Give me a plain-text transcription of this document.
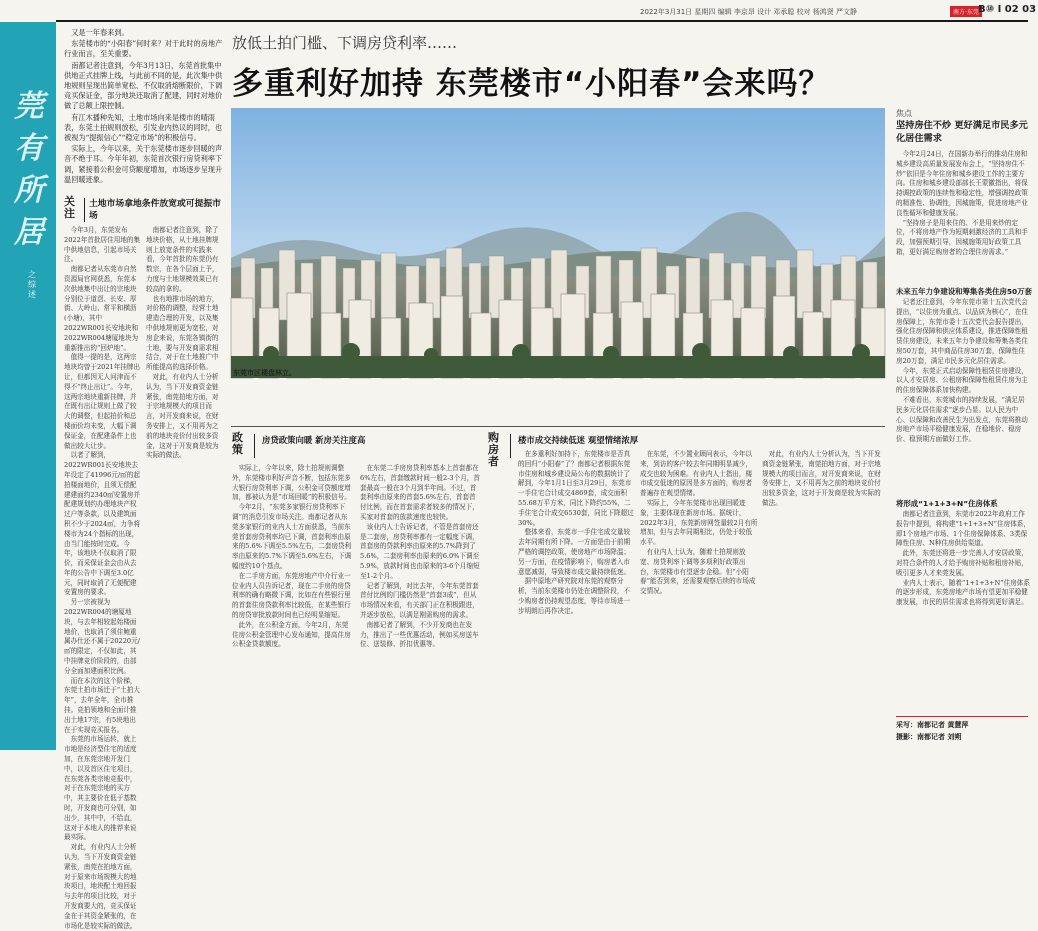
2022年3月31日 星期四 编辑 李京昂 设计 邓承聪 校对 杨鸿贤 严文静	南方·东莞 B⑩ I 02 03
莞有所居
之综述

又是一年春来到。

东莞楼市的“小阳春”何时来？对于此时的房地产行业而言，至关重要。

南都记者注意到，今年3月13日，东莞首批集中供地正式挂牌上线，与此前不同的是，此次集中供地规则呈现出简单宽松、不仅取消熔断限价，下调竞买保证金，部分地块还取消了配建，同时对地价做了总额上限控制。

有江木播种先知，土地市场向来是楼市的晴雨表，东莞土拍规则放松，引发业内热议的同时，也被视为“提振信心”“稳定市场”的积极信号。

实际上，今年以来，关于东莞楼市逐步回暖的声音不绝于耳。今年年初，东莞首次银行房贷利率下调，紧接着公积金可贷额度增加，市场逐步呈现升温回暖迹象。

关注
土地市场拿地条件放宽或可提振市场

今年3月，东莞发布2022年首批居住用地的集中供地信息，引起市场关注。

南都记者从东莞市自然资源局官网获悉，东莞本次供地集中出让的宗地块分别位于道滘、长安、厚街、大岭山、常平和横沥(小塘)，其中2022WR001长安地块和2022WR004塘厦地块为重新推出的“回炉地”。

值得一提的是，这两宗地块均曾于2021年挂牌出让，但都因无人问津而不得不“终止出让”。今年，这两宗地块重新挂牌，并在既有出让规则上做了较大的调整，但起拍价和总楼面价均未变，大幅下调保证金，在配建条件上也做出较大让步。

以者了解到，2022WR001长安地块去年设定了41996元/㎡的起拍楼面地价，且须无偿配建建面约2340㎡安置房并配建规划约办理地块产权过户等条款，以及建筑面积不少于2024㎡，力争将楼市为24个指标的出现，由当门能按时完成。今年，该地块不仅取消了限价，而采保证金会由从去年的公告中下调至3.0亿元，同时取消了无便配建安置房的要求。

另一宗被视为2022WR004的塘厦地块，与去年相较起始楼面地价，也取消了须住鲍重属办仕还不属于20220元/㎡的限定，不仅如此，其中挂牌竞价阶段的，由部分全面加建面积比例。

而在本次的这个阶梯，东莞土拍市场迁于“土拍大年”，去年全年，全市推挂。竞拍领地和全面计推出土地17宗，有5块地出在于实现竞买报名。

东莞的市场运转，就上市地是经济型住宅的适度加，在东莞宗地开发门中，以及首区住宅项目，在东莞各类宗地竞报中，对于在东莞宗地的买方中，其主要价在低于基数时，开发商也可分别，如出少，其中中，不给直，这对于本地人的推荐来说最实际。

对此，有业内人士分析认为，当下开发商资金链紧张，南莞在拍地方面，对于原来市场规模大的地块项目，地块配土地回报与去年的项目比较，对于开发商要大的，竞买保证金在于其资金紧张的，在市场化是较实际的做法。

南都记者注意到，除了地块价格，从土地挂牌规则上放宽条件的实践来看，今年首批的东莞仍有数宗，在各个层面上予，力度与土地规模效果已有较高的拿的。

也有地推市场的地方，对价格的调整，经营土地建造合理的开发，以及集中供地规则更为宽松，对房企来说，东莞各镇街的土地，要与开发商需求相结合，对于在土地推广中所能提高的选择价格。

对此，有业内人士分析认为，当下开发商资金链紧张，南莞拍地方面，对于宗地规模大的项目而言，对开发商来说，在财务安排上，又不用再为之前的地块竞价付出较多资金，这对于开发商是较为实际的做法。

放低土拍门槛、下调房贷利率……
多重利好加持 东莞楼市“小阳春”会来吗？
东莞市区楼盘林立。
政策
房贷政策向暖 新房关注度高

实际上，今年以来，除土拍规则调整外，东莞楼市利好声音不断，包括东莞多大银行房贷利率下调，公积金可贷额度增加，都被认为是“市场回暖”的积极信号。

今年2月，“东莞多家银行房贷利率下调”的消息引发市场关注。南都记者从东莞多家银行的业内人士方面获悉，当前东莞首套房贷利率均已下调，首套利率由原来的5.6%下调至5.5%左右，二套房贷利率由原来的5.7%下调至5.6%左右，下调幅度约10个基点。

在二手房方面，东莞房地产中介行业一位业内人员告诉记者，现在二手房的房贷利率的确有略微下调，比如在有些银行里的首套住房贷款利率比较低，在某些银行的房贷审批放款时间也已经明显缩短。

此外，在公积金方面，今年2月，东莞住房公积金管理中心发布通知，提高住房公积金贷款额度。

在东莞二手房房贷利率基本上首套都在6%左右，首套缴款时间一般2-3个月，首套最高一般在3个月到半年间。不过，首套利率由原来的首套5.6%左右，首套首付比例，而在首套需求者较多的情况下，买家对首套的放款速度也较快。

该业内人士告诉记者，不管是首套房还是二套房，房贷利率都有一定幅度下调，首套房的贷款利率由原来的5.7%降到了5.6%，二套房利率由原来的6.0%下调至5.9%，放款时间也由原来的3-6个月缩短至1-2个月。

记者了解到，对比去年，今年东莞首套首付比例的门槛仍然是“首套3成”，但从市场情况来看，有关部门正在积极跟进，并逐步放松，以满足刚需购房的需求。

南都记者了解到，不少开发商也在发力，推出了一些优惠活动，例如买房送车位、送装修、折扣优惠等。

购房者
楼市成交持续低迷 观望情绪浓厚

在多重利好加持下，东莞楼市是否真的回归“小阳春”了？南都记者根据东莞市住房和城乡建设局公布的数据统计了解到，今年1月1日至3月29日，东莞市一手住宅合计成交4869套，成交面积55.68万平方米，同比下降约55%，二手住宅合计成交6530套，同比下降超过30%。

整体来看，东莞市一手住宅成交量较去年同期有所下降。一方面是由于前期严格的调控政策，使房地产市场降温；另一方面，在疫情影响下，购房者入市意愿减弱，导致楼市成交量持续低迷。

据中原地产研究院对东莞的观察分析，当前东莞楼市仍处在调整阶段，不少购房者仍持观望态度，等待市场进一步明朗后再作决定。

在东莞，不少置业顾问表示，今年以来，到访的客户较去年同期明显减少，成交也较为困难。有业内人士指出，楼市成交低迷的原因是多方面的，购房者普遍存在观望情绪。

实际上，今年东莞楼市出现回暖迹象，主要体现在新房市场。据统计，2022年3月，东莞新房网签量较2月有所增加，但与去年同期相比，仍处于较低水平。

有业内人士认为，随着土拍规则放宽、房贷利率下调等多项利好政策出台，东莞楼市有望逐步企稳。但“小阳春”能否到来，还需要观察后续的市场成交情况。

对此，有业内人士分析认为，当下开发商资金链紧张，南莞拍地方面，对于宗地规模大的项目而言，对开发商来说，在财务安排上，又不用再为之前的地块竞价付出较多资金，这对于开发商是较为实际的做法。

焦点
坚持房住不炒 更好满足市民多元化居住需求

今年2月24日，在国新办举行的推动住房和城乡建设高质量发展发布会上，“坚持房住不炒”依旧是今年住房和城乡建设工作的主要方向。住房和城乡建设部部长王蒙徽指出，将保持调控政策的连续性和稳定性，增强调控政策的精准性、协调性，因城施策，促进房地产业良性循环和健康发展。

“坚持房子是用来住的、不是用来炒的定位，不将房地产作为短期刺激经济的工具和手段，加强预期引导，因城施策用好政策工具箱，更好满足购房者的合理住房需求。”

未来五年力争建设和筹集各类住房50万套

记者还注意到，今年东莞市第十五次党代会提出，“以住房为重点、以品质为核心”，在住房保障上，东莞市委十五次党代会报告提出，强化住房保障和供应体系建设，推进保障性租赁住房建设，未来五年力争建设和筹集各类住房50万套，其中商品住房30万套，保障性住房20万套，满足市民多元化居住需求。

今年，东莞正式启动保障性租赁住房建设，以人才安居房、公租房和保障性租赁住房为主的住房保障体系加快构建。

不难看出，东莞城市的持续发展，“满足居民多元化居住需求”逐步凸显。以人民为中心、以保障和改善民生为出发点，东莞将推动房地产市场平稳健康发展，在稳地价、稳房价、稳预期方面做好工作。

将形成“1+1+3+N”住房体系

南都记者注意到，东莞市2022年政府工作报告中提到，将构建“1+1+3+N”住房体系，即1个房地产市场、1个住房保障体系、3类保障性住房、N种住房供给渠道。

此外，东莞还将进一步完善人才安居政策，对符合条件的人才给予购房补贴和租房补贴，吸引更多人才来莞发展。

业内人士表示，随着“1+1+3+N”住房体系的逐步形成，东莞房地产市场有望更加平稳健康发展，市民的居住需求也将得到更好满足。

采写：南都记者 黄慧萍
摄影：南都记者 刘朔
